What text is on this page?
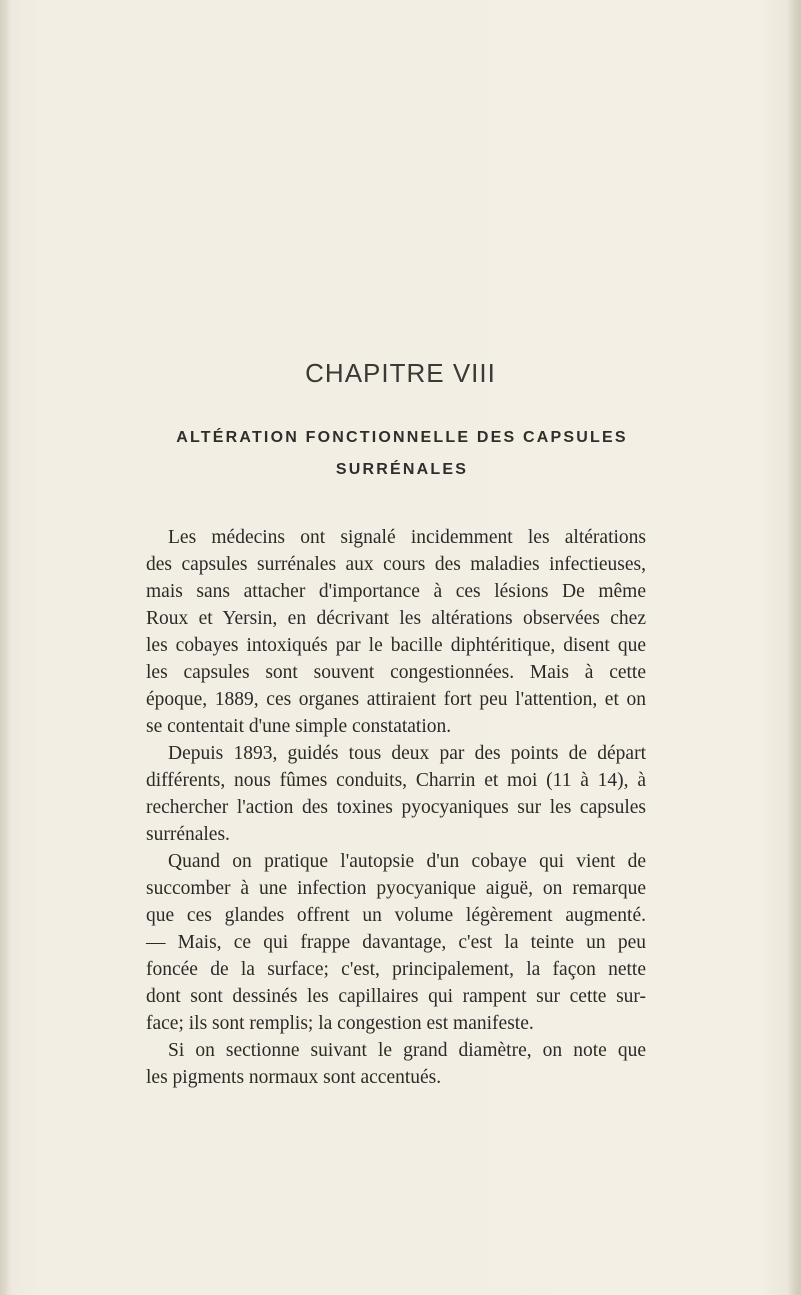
CHAPITRE VIII
ALTÉRATION FONCTIONNELLE DES CAPSULES
SURRÉNALES
Les médecins ont signalé incidemment les altérations
des capsules surrénales aux cours des maladies infectieuses,
mais sans attacher d'importance à ces lésions De même
Roux et Yersin, en décrivant les altérations observées chez
les cobayes intoxiqués par le bacille diphtéritique, disent que
les capsules sont souvent congestionnées. Mais à cette
époque, 1889, ces organes attiraient fort peu l'attention, et on
se contentait d'une simple constatation.
Depuis 1893, guidés tous deux par des points de départ
différents, nous fûmes conduits, Charrin et moi (11 à 14), à
rechercher l'action des toxines pyocyaniques sur les capsules
surrénales.
Quand on pratique l'autopsie d'un cobaye qui vient de
succomber à une infection pyocyanique aiguë, on remarque
que ces glandes offrent un volume légèrement augmenté.
— Mais, ce qui frappe davantage, c'est la teinte un peu
foncée de la surface; c'est, principalement, la façon nette
dont sont dessinés les capillaires qui rampent sur cette sur-
face; ils sont remplis; la congestion est manifeste.
Si on sectionne suivant le grand diamètre, on note que
les pigments normaux sont accentués.
